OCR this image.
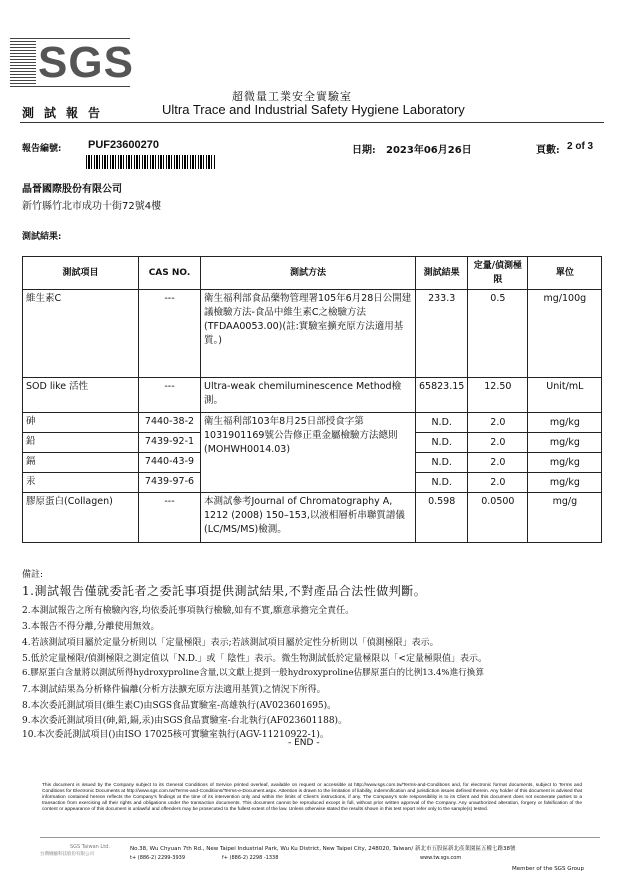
SGS
超微量工業安全實驗室
測試報告	Ultra Trace and Industrial Safety Hygiene Laboratory
報告編號: PUF23600270	日期: 2023年06月26日	頁數: 2 of 3
晶晉國際股份有限公司
新竹縣竹北市成功十街72號4樓
測試結果:
測試項目	CAS NO.	測試方法	測試結果	定量/偵測極限	單位
維生素C	---	衛生福利部食品藥物管理署105年6月28日公開建議檢驗方法-食品中維生素C之檢驗方法(TFDAA0053.00)(註:實驗室擴充原方法適用基質。)	233.3	0.5	mg/100g
SOD like 活性	---	Ultra-weak chemiluminescence Method檢測。	65823.15	12.50	Unit/mL
砷	7440-38-2	衛生福利部103年8月25日部授食字第1031901169號公告修正重金屬檢驗方法總則(MOHWH0014.03)	N.D.	2.0	mg/kg
鉛	7439-92-1		N.D.	2.0	mg/kg
鎘	7440-43-9		N.D.	2.0	mg/kg
汞	7439-97-6		N.D.	2.0	mg/kg
膠原蛋白(Collagen)	---	本測試參考Journal of Chromatography A, 1212 (2008) 150–153,以液相層析串聯質譜儀(LC/MS/MS)檢測。	0.598	0.0500	mg/g
備註:
1.測試報告僅就委託者之委託事項提供測試結果,不對產品合法性做判斷。
2.本測試報告之所有檢驗內容,均依委託事項執行檢驗,如有不實,願意承擔完全責任。
3.本報告不得分離,分離使用無效。
4.若該測試項目屬於定量分析則以「定量極限」表示;若該測試項目屬於定性分析則以「偵測極限」表示。
5.低於定量極限/偵測極限之測定值以「N.D.」或「 陰性」表示。微生物測試低於定量極限以「<定量極限值」表示。
6.膠原蛋白含量將以測試所得hydroxyproline含量,以文獻上提到一般hydroxyproline佔膠原蛋白的比例13.4%進行換算
7.本測試結果為分析條件偏離(分析方法擴充原方法適用基質)之情況下所得。
8.本次委託測試項目(維生素C)由SGS食品實驗室-高雄執行(AV023601695)。
9.本次委託測試項目(砷,鉛,鎘,汞)由SGS食品實驗室-台北執行(AF023601188)。
10.本次委託測試項目()由ISO 17025核可實驗室執行(AGV-11210922-1)。
- END -
This document is issued by the Company subject to its General Conditions of Service printed overleaf, available on request or accessible at http://www.sgs.com.tw/Terms-and-Conditions and, for electronic format documents, subject to Terms and Conditions for Electronic Documents at http://www.sgs.com.tw/Terms-and-Conditions/Terms-e-Document.aspx. Attention is drawn to the limitation of liability, indemnification and jurisdiction issues defined therein. Any holder of this document is advised that information contained hereon reflects the Company's findings at the time of its intervention only and within the limits of Client's instructions, if any. The Company's sole responsibility is to its Client and this document does not exonerate parties to a transaction from exercising all their rights and obligations under the transaction documents. This document cannot be reproduced except in full, without prior written approval of the Company. Any unauthorized alteration, forgery or falsification of the content or appearance of this document is unlawful and offenders may be prosecuted to the fullest extent of the law. Unless otherwise stated the results shown in this test report refer only to the sample(s) tested.
SGS Taiwan Ltd.
台灣檢驗科技股份有限公司
No.38, Wu Chyuan 7th Rd., New Taipei Industrial Park, Wu Ku District, New Taipei City, 248020, Taiwan/ 新北市五股區新北產業園區五權七路38號
t+ (886-2) 2299-3939	f+ (886-2) 2298 -1338	www.tw.sgs.com
Member of the SGS Group
